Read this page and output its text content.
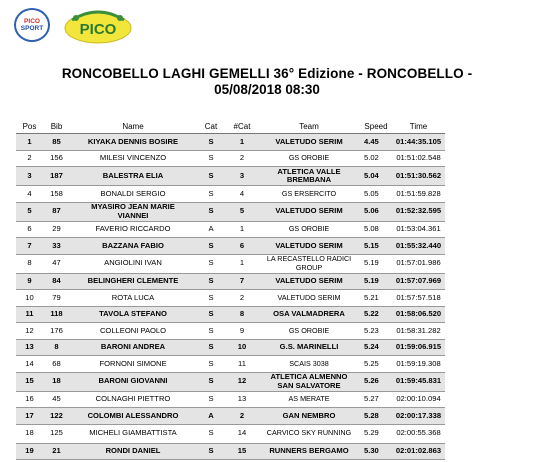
PICO
SPORT PICO
RONCOBELLO LAGHI GEMELLI 36° Edizione - RONCOBELLO -
05/08/2018 08:30
Pos	Bib	Name	Cat	#Cat	Team	Speed	Time
1	85	KIYAKA DENNIS BOSIRE	S	1	VALETUDO SERIM	4.45	01:44:35.105
2	156	MILESI VINCENZO	S	2	GS OROBIE	5.02	01:51:02.548
3	187	BALESTRA ELIA	S	3	ATLETICA VALLE BREMBANA	5.04	01:51:30.562
4	158	BONALDI SERGIO	S	4	GS ERSERCITO	5.05	01:51:59.828
5	87	MYASIRO JEAN MARIE VIANNEI	S	5	VALETUDO SERIM	5.06	01:52:32.595
6	29	FAVERIO RICCARDO	A	1	GS OROBIE	5.08	01:53:04.361
7	33	BAZZANA FABIO	S	6	VALETUDO SERIM	5.15	01:55:32.440
8	47	ANGIOLINI IVAN	S	1	LA RECASTELLO RADICI GROUP	5.19	01:57:01.986
9	84	BELINGHERI CLEMENTE	S	7	VALETUDO SERIM	5.19	01:57:07.969
10	79	ROTA LUCA	S	2	VALETUDO SERIM	5.21	01:57:57.518
11	118	TAVOLA STEFANO	S	8	OSA VALMADRERA	5.22	01:58:06.520
12	176	COLLEONI PAOLO	S	9	GS OROBIE	5.23	01:58:31.282
13	8	BARONI ANDREA	S	10	G.S. MARINELLI	5.24	01:59:06.915
14	68	FORNONI SIMONE	S	11	SCAIS 3038	5.25	01:59:19.308
15	18	BARONI GIOVANNI	S	12	ATLETICA ALMENNO SAN SALVATORE	5.26	01:59:45.831
16	45	COLNAGHI PIETTRO	S	13	AS MERATE	5.27	02:00:10.094
17	122	COLOMBI ALESSANDRO	A	2	GAN NEMBRO	5.28	02:00:17.338
18	125	MICHELI GIAMBATTISTA	S	14	CARVICO SKY RUNNING	5.29	02:00:55.368
19	21	RONDI DANIEL	S	15	RUNNERS BERGAMO	5.30	02:01:02.863
